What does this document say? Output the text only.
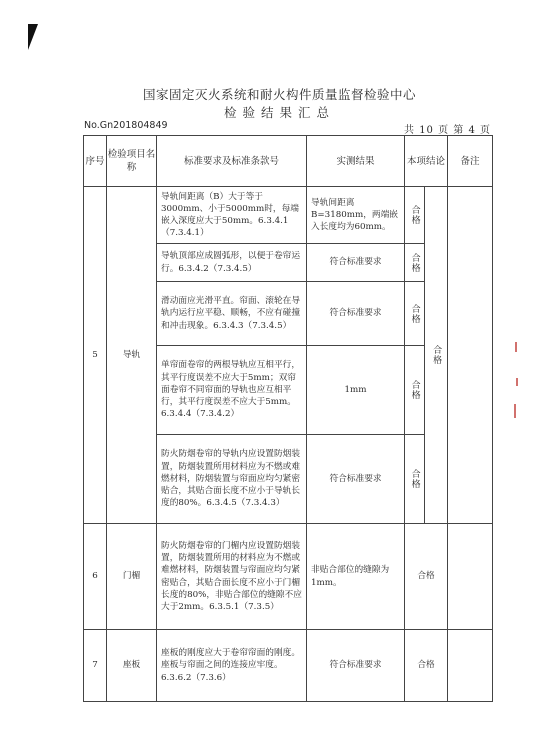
国家固定灭火系统和耐火构件质量监督检验中心
检验结果汇总
No.Gn201804849	共 10 页 第 4 页
序号	检验项目名称	标准要求及标准条款号	实测结果	本项结论		备注
5	导轨	导轨间距离（B）大于等于3000mm、小于5000mm时，每端嵌入深度应大于50mm。6.3.4.1（7.3.4.1）	导轨间距离B=3180mm，两端嵌入长度均为60mm。	合格	合格	

		导轨顶部应成圆弧形，以便于卷帘运行。6.3.4.2（7.3.4.5）	符合标准要求	合格		

		滑动面应光滑平直。帘面、滚轮在导轨内运行应平稳、顺畅，不应有碰撞和冲击现象。6.3.4.3（7.3.4.5）	符合标准要求	合格		

		单帘面卷帘的两根导轨应互相平行，其平行度误差不应大于5mm；双帘面卷帘不同帘面的导轨也应互相平行，其平行度误差不应大于5mm。6.3.4.4（7.3.4.2）	1mm	合格		

		防火防烟卷帘的导轨内应设置防烟装置，防烟装置所用材料应为不燃或难燃材料，防烟装置与帘面应均匀紧密贴合，其贴合面长度不应小于导轨长度的80%。6.3.4.5（7.3.4.3）	符合标准要求	合格		

6	门楣	防火防烟卷帘的门楣内应设置防烟装置，防烟装置所用的材料应为不燃或难燃材料，防烟装置与帘面应均匀紧密贴合，其贴合面长度不应小于门楣长度的80%，非贴合部位的缝隙不应大于2mm。6.3.5.1（7.3.5）	非贴合部位的缝隙为1mm。	合格		
7	座板	座板的刚度应大于卷帘帘面的刚度。座板与帘面之间的连接应牢度。6.3.6.2（7.3.6）	符合标准要求	合格		
